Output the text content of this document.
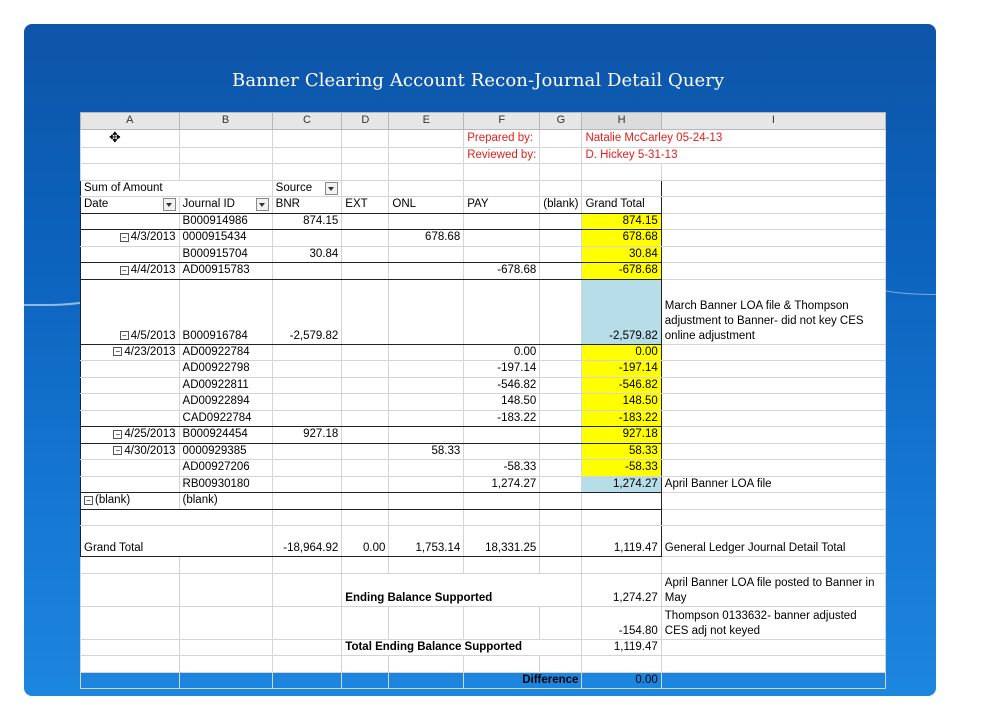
Banner Clearing Account Recon-Journal Detail Query
A	B	C	D	E	F	G	H	I
✥					Prepared by:		Natalie McCarley 05-24-13	
					Reviewed by:		D. Hickey 5-31-13	

Sum of Amount		Source

Date	Journal ID	BNR	EXT	ONL	PAY	(blank)	Grand Total	
	B000914986	874.15					874.15	
− 4/3/2013	0000915434			678.68			678.68	
	B000915704	30.84					30.84	
− 4/4/2013	AD00915783				-678.68		-678.68	
− 4/5/2013	B000916784	-2,579.82					-2,579.82	March Banner LOA file & Thompson adjustment to Banner- did not key CES online adjustment
− 4/23/2013	AD00922784				0.00		0.00	
	AD00922798				-197.14		-197.14	
	AD00922811				-546.82		-546.82	
	AD00922894				148.50		148.50	
	CAD0922784				-183.22		-183.22	
− 4/25/2013	B000924454	927.18					927.18	
− 4/30/2013	0000929385			58.33			58.33	
	AD00927206				-58.33		-58.33	
	RB00930180				1,274.27		1,274.27	April Banner LOA file
− (blank)	(blank)							

Grand Total		-18,964.92	0.00	1,753.14	18,331.25		1,119.47	General Ledger Journal Detail Total

			Ending Balance Supported				1,274.27	April Banner LOA file posted to Banner in May
							-154.80	Thompson 0133632- banner adjusted CES adj not keyed
			Total Ending Balance Supported				1,119.47	

					Difference		0.00	
